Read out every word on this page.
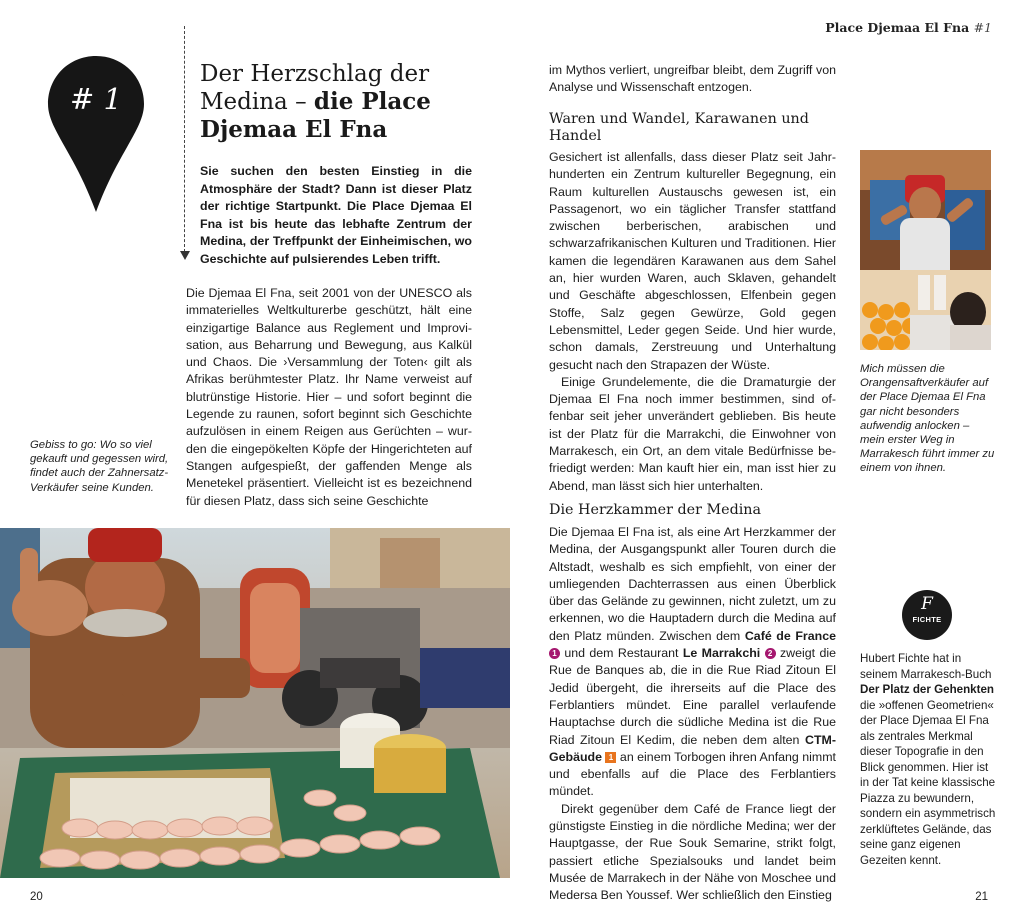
Place Djemaa El Fna #1
# 1
Der Herzschlag der
Medina – die Place
Djemaa El Fna
Sie suchen den besten Einstieg in die Atmosphäre der Stadt? Dann ist dieser Platz der richtige Startpunkt. Die Place Djemaa El Fna ist bis heute das lebhafte Zentrum der Medina, der Treffpunkt der Einheimischen, wo Geschichte auf pulsierendes Leben trifft.

Die Djemaa El Fna, seit 2001 von der UNESCO als immaterielles Weltkulturerbe geschützt, hält eine einzigartige Balance aus Reglement und Improvisation, aus Beharrung und Bewegung, aus Kalkül und Chaos. Die ›Versammlung der Toten‹ gilt als Afrikas berühmtester Platz. Ihr Name verweist auf blutrünstige Historie. Hier – und sofort beginnt die Legende zu raunen, sofort beginnt sich Geschichte aufzulösen in einem Reigen aus Gerüchten – wurden die eingepökelten Köpfe der Hingerichteten auf Stangen aufgespießt, der gaffenden Menge als Menetekel präsentiert. Vielleicht ist es bezeichnend für diesen Platz, dass sich seine Geschichte

Gebiss to go: Wo so viel gekauft und gegessen wird, findet auch der Zahnersatz-Verkäufer seine Kunden.

im Mythos verliert, ungreifbar bleibt, dem Zugriff von Analyse und Wissenschaft entzogen.

Waren und Wandel, Karawanen und Handel

Gesichert ist allenfalls, dass dieser Platz seit Jahrhunderten ein Zentrum kultureller Begegnung, ein Raum kulturellen Austauschs gewesen ist, ein Passagenort, wo ein täglicher Transfer stattfand zwischen berberischen, arabischen und schwarzafrikanischen Kulturen und Traditionen. Hier kamen die legendären Karawanen aus dem Sahel an, hier wurden Waren, auch Sklaven, gehandelt und Geschäfte abgeschlossen, Elfenbein gegen Stoffe, Salz gegen Gewürze, Gold gegen Lebensmittel, Leder gegen Seide. Und hier wurde, schon damals, Zerstreuung und Unterhaltung gesucht nach den Strapazen der Wüste.

Einige Grundelemente, die die Dramaturgie der Djemaa El Fna noch immer bestimmen, sind offenbar seit jeher unverändert geblieben. Bis heute ist der Platz für die Marrakchi, die Einwohner von Marrakesch, ein Ort, an dem vitale Bedürfnisse befriedigt werden: Man kauft hier ein, man isst hier zu Abend, man lässt sich hier unterhalten.

Die Herzkammer der Medina

Die Djemaa El Fna ist, als eine Art Herzkammer der Medina, der Ausgangspunkt aller Touren durch die Altstadt, weshalb es sich empfiehlt, von einer der umliegenden Dachterrassen aus einen Überblick über das Gelände zu gewinnen, nicht zuletzt, um zu erkennen, wo die Hauptadern durch die Medina auf den Platz münden. Zwischen dem Café de France 1 und dem Restaurant Le Marrakchi 2 zweigt die Rue de Banques ab, die in die Rue Riad Zitoun El Jedid übergeht, die ihrerseits auf die Place des Ferblantiers mündet. Eine parallel verlaufende Hauptachse durch die südliche Medina ist die Rue Riad Zitoun El Kedim, die neben dem alten CTM-Gebäude 1 an einem Torbogen ihren Anfang nimmt und ebenfalls auf die Place des Ferblantiers mündet.

Direkt gegenüber dem Café de France liegt der günstigste Einstieg in die nördliche Medina; wer der Hauptgasse, der Rue Souk Semarine, strikt folgt, passiert etliche Spezialsouks und landet beim Musée de Marrakech in der Nähe von Moschee und Medersa Ben Youssef. Wer schließlich den Einstieg

Mich müssen die Orangensaftverkäufer auf der Place Djemaa El Fna gar nicht besonders aufwendig anlocken – mein erster Weg in Marrakesch führt immer zu einem von ihnen.
F
FICHTE
Hubert Fichte hat in seinem Marrakesch-Buch Der Platz der Gehenkten die »offenen Geometrien« der Place Djemaa El Fna als zentrales Merkmal dieser Topografie in den Blick genommen. Hier ist in der Tat keine klassische Piazza zu bewundern, sondern ein asymmetrisch zerklüftetes Gelände, das seine ganz eigenen Gezeiten kennt.
20	21
